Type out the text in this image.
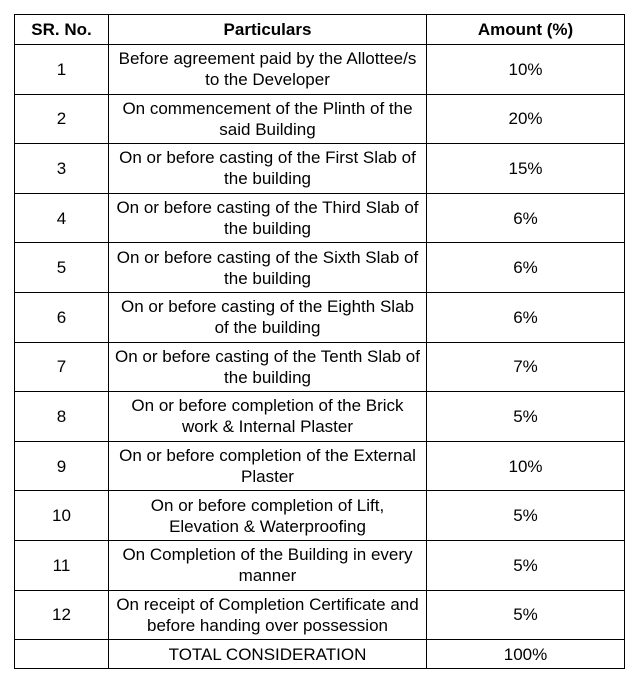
SR. No.	Particulars	Amount (%)
1	Before agreement paid by the Allottee/s to the Developer	10%
2	On commencement of the Plinth of the said Building	20%
3	On or before casting of the First Slab of the building	15%
4	On or before casting of the Third Slab of the building	6%
5	On or before casting of the Sixth Slab of the building	6%
6	On or before casting of the Eighth Slab of the building	6%
7	On or before casting of the Tenth Slab of the building	7%
8	On or before completion of the Brick work & Internal Plaster	5%
9	On or before completion of the External Plaster	10%
10	On or before completion of Lift, Elevation & Waterproofing	5%
11	On Completion of the Building in every manner	5%
12	On receipt of Completion Certificate and before handing over possession	5%
	TOTAL CONSIDERATION	100%
